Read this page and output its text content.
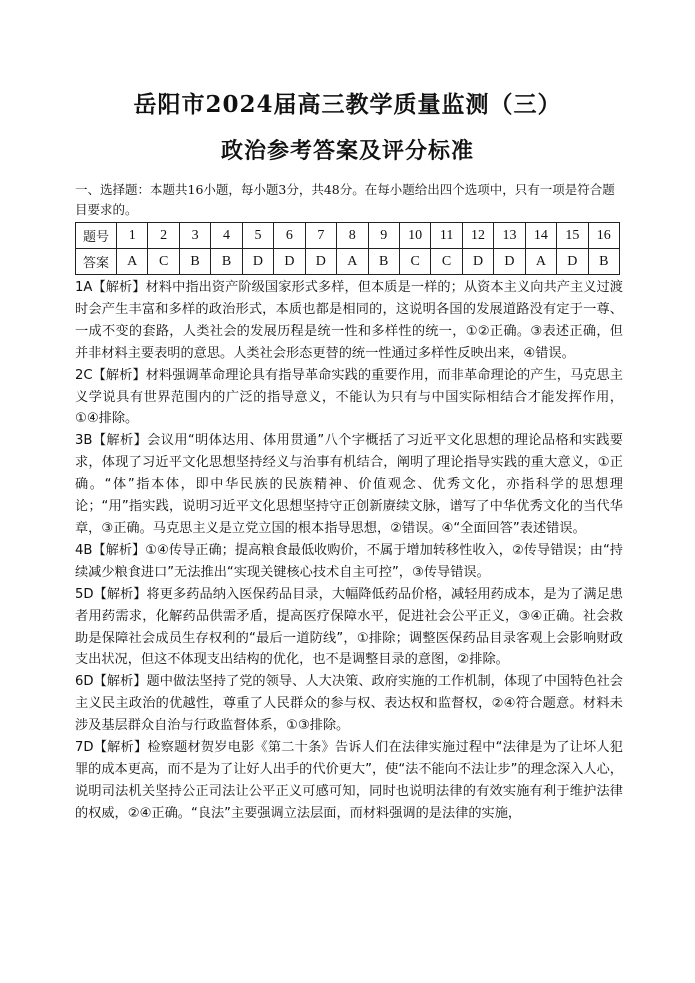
岳阳市2024届高三教学质量监测（三）
政治参考答案及评分标准
一、选择题：本题共16小题，每小题3分，共48分。在每小题给出四个选项中，只有一项是符合题目要求的。
题号	1	2	3	4	5	6	7	8	9	10	11	12	13	14	15	16
答案	A	C	B	B	D	D	D	A	B	C	C	D	D	A	D	B

1A【解析】材料中指出资产阶级国家形式多样，但本质是一样的；从资本主义向共产主义过渡时会产生丰富和多样的政治形式，本质也都是相同的，这说明各国的发展道路没有定于一尊、一成不变的套路，人类社会的发展历程是统一性和多样性的统一，①②正确。③表述正确，但并非材料主要表明的意思。人类社会形态更替的统一性通过多样性反映出来，④错误。

2C【解析】材料强调革命理论具有指导革命实践的重要作用，而非革命理论的产生，马克思主义学说具有世界范围内的广泛的指导意义，不能认为只有与中国实际相结合才能发挥作用，①④排除。

3B【解析】会议用“明体达用、体用贯通”八个字概括了习近平文化思想的理论品格和实践要求，体现了习近平文化思想坚持经义与治事有机结合，阐明了理论指导实践的重大意义，①正确。“体”指本体，即中华民族的民族精神、价值观念、优秀文化，亦指科学的思想理论；“用”指实践，说明习近平文化思想坚持守正创新赓续文脉，谱写了中华优秀文化的当代华章，③正确。马克思主义是立党立国的根本指导思想，②错误。④“全面回答”表述错误。

4B【解析】①④传导正确；提高粮食最低收购价，不属于增加转移性收入，②传导错误；由“持续减少粮食进口”无法推出“实现关键核心技术自主可控”，③传导错误。

5D【解析】将更多药品纳入医保药品目录，大幅降低药品价格，减轻用药成本，是为了满足患者用药需求，化解药品供需矛盾，提高医疗保障水平，促进社会公平正义，③④正确。社会救助是保障社会成员生存权利的“最后一道防线”，①排除；调整医保药品目录客观上会影响财政支出状况，但这不体现支出结构的优化，也不是调整目录的意图，②排除。

6D【解析】题中做法坚持了党的领导、人大决策、政府实施的工作机制，体现了中国特色社会主义民主政治的优越性，尊重了人民群众的参与权、表达权和监督权，②④符合题意。材料未涉及基层群众自治与行政监督体系，①③排除。

7D【解析】检察题材贺岁电影《第二十条》告诉人们在法律实施过程中“法律是为了让坏人犯罪的成本更高，而不是为了让好人出手的代价更大”，使“法不能向不法让步”的理念深入人心，说明司法机关坚持公正司法让公平正义可感可知，同时也说明法律的有效实施有利于维护法律的权威，②④正确。“良法”主要强调立法层面，而材料强调的是法律的实施，
